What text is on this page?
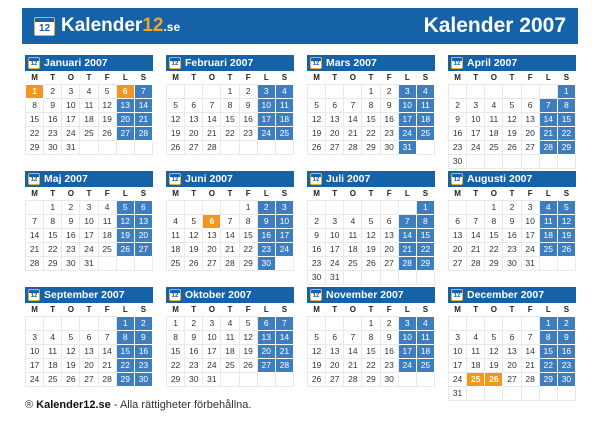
12 Kalender12.se	Kalender 2007
12 Januari 2007
M	T	O	T	F	L	S
1	2	3	4	5	6	7
8	9	10	11	12	13	14
15	16	17	18	19	20	21
22	23	24	25	26	27	28
29	30	31				
12 Februari 2007
M	T	O	T	F	L	S
			1	2	3	4
5	6	7	8	9	10	11
12	13	14	15	16	17	18
19	20	21	22	23	24	25
26	27	28				
12 Mars 2007
M	T	O	T	F	L	S
			1	2	3	4
5	6	7	8	9	10	11
12	13	14	15	16	17	18
19	20	21	22	23	24	25
26	27	28	29	30	31	
12 April 2007
M	T	O	T	F	L	S
						1
2	3	4	5	6	7	8
9	10	11	12	13	14	15
16	17	18	19	20	21	22
23	24	25	26	27	28	29
30						
12 Maj 2007
M	T	O	T	F	L	S
	1	2	3	4	5	6
7	8	9	10	11	12	13
14	15	16	17	18	19	20
21	22	23	24	25	26	27
28	29	30	31			
12 Juni 2007
M	T	O	T	F	L	S
				1	2	3
4	5	6	7	8	9	10
11	12	13	14	15	16	17
18	19	20	21	22	23	24
25	26	27	28	29	30	
12 Juli 2007
M	T	O	T	F	L	S
						1
2	3	4	5	6	7	8
9	10	11	12	13	14	15
16	17	18	19	20	21	22
23	24	25	26	27	28	29
30	31					
12 Augusti 2007
M	T	O	T	F	L	S
		1	2	3	4	5
6	7	8	9	10	11	12
13	14	15	16	17	18	19
20	21	22	23	24	25	26
27	28	29	30	31		
12 September 2007
M	T	O	T	F	L	S
					1	2
3	4	5	6	7	8	9
10	11	12	13	14	15	16
17	18	19	20	21	22	23
24	25	26	27	28	29	30
12 Oktober 2007
M	T	O	T	F	L	S
1	2	3	4	5	6	7
8	9	10	11	12	13	14
15	16	17	18	19	20	21
22	23	24	25	26	27	28
29	30	31				
12 November 2007
M	T	O	T	F	L	S
			1	2	3	4
5	6	7	8	9	10	11
12	13	14	15	16	17	18
19	20	21	22	23	24	25
26	27	28	29	30		
12 December 2007
M	T	O	T	F	L	S
					1	2
3	4	5	6	7	8	9
10	11	12	13	14	15	16
17	18	19	20	21	22	23
24	25	26	27	28	29	30
31						
® Kalender12.se - Alla rättigheter förbehållna.
